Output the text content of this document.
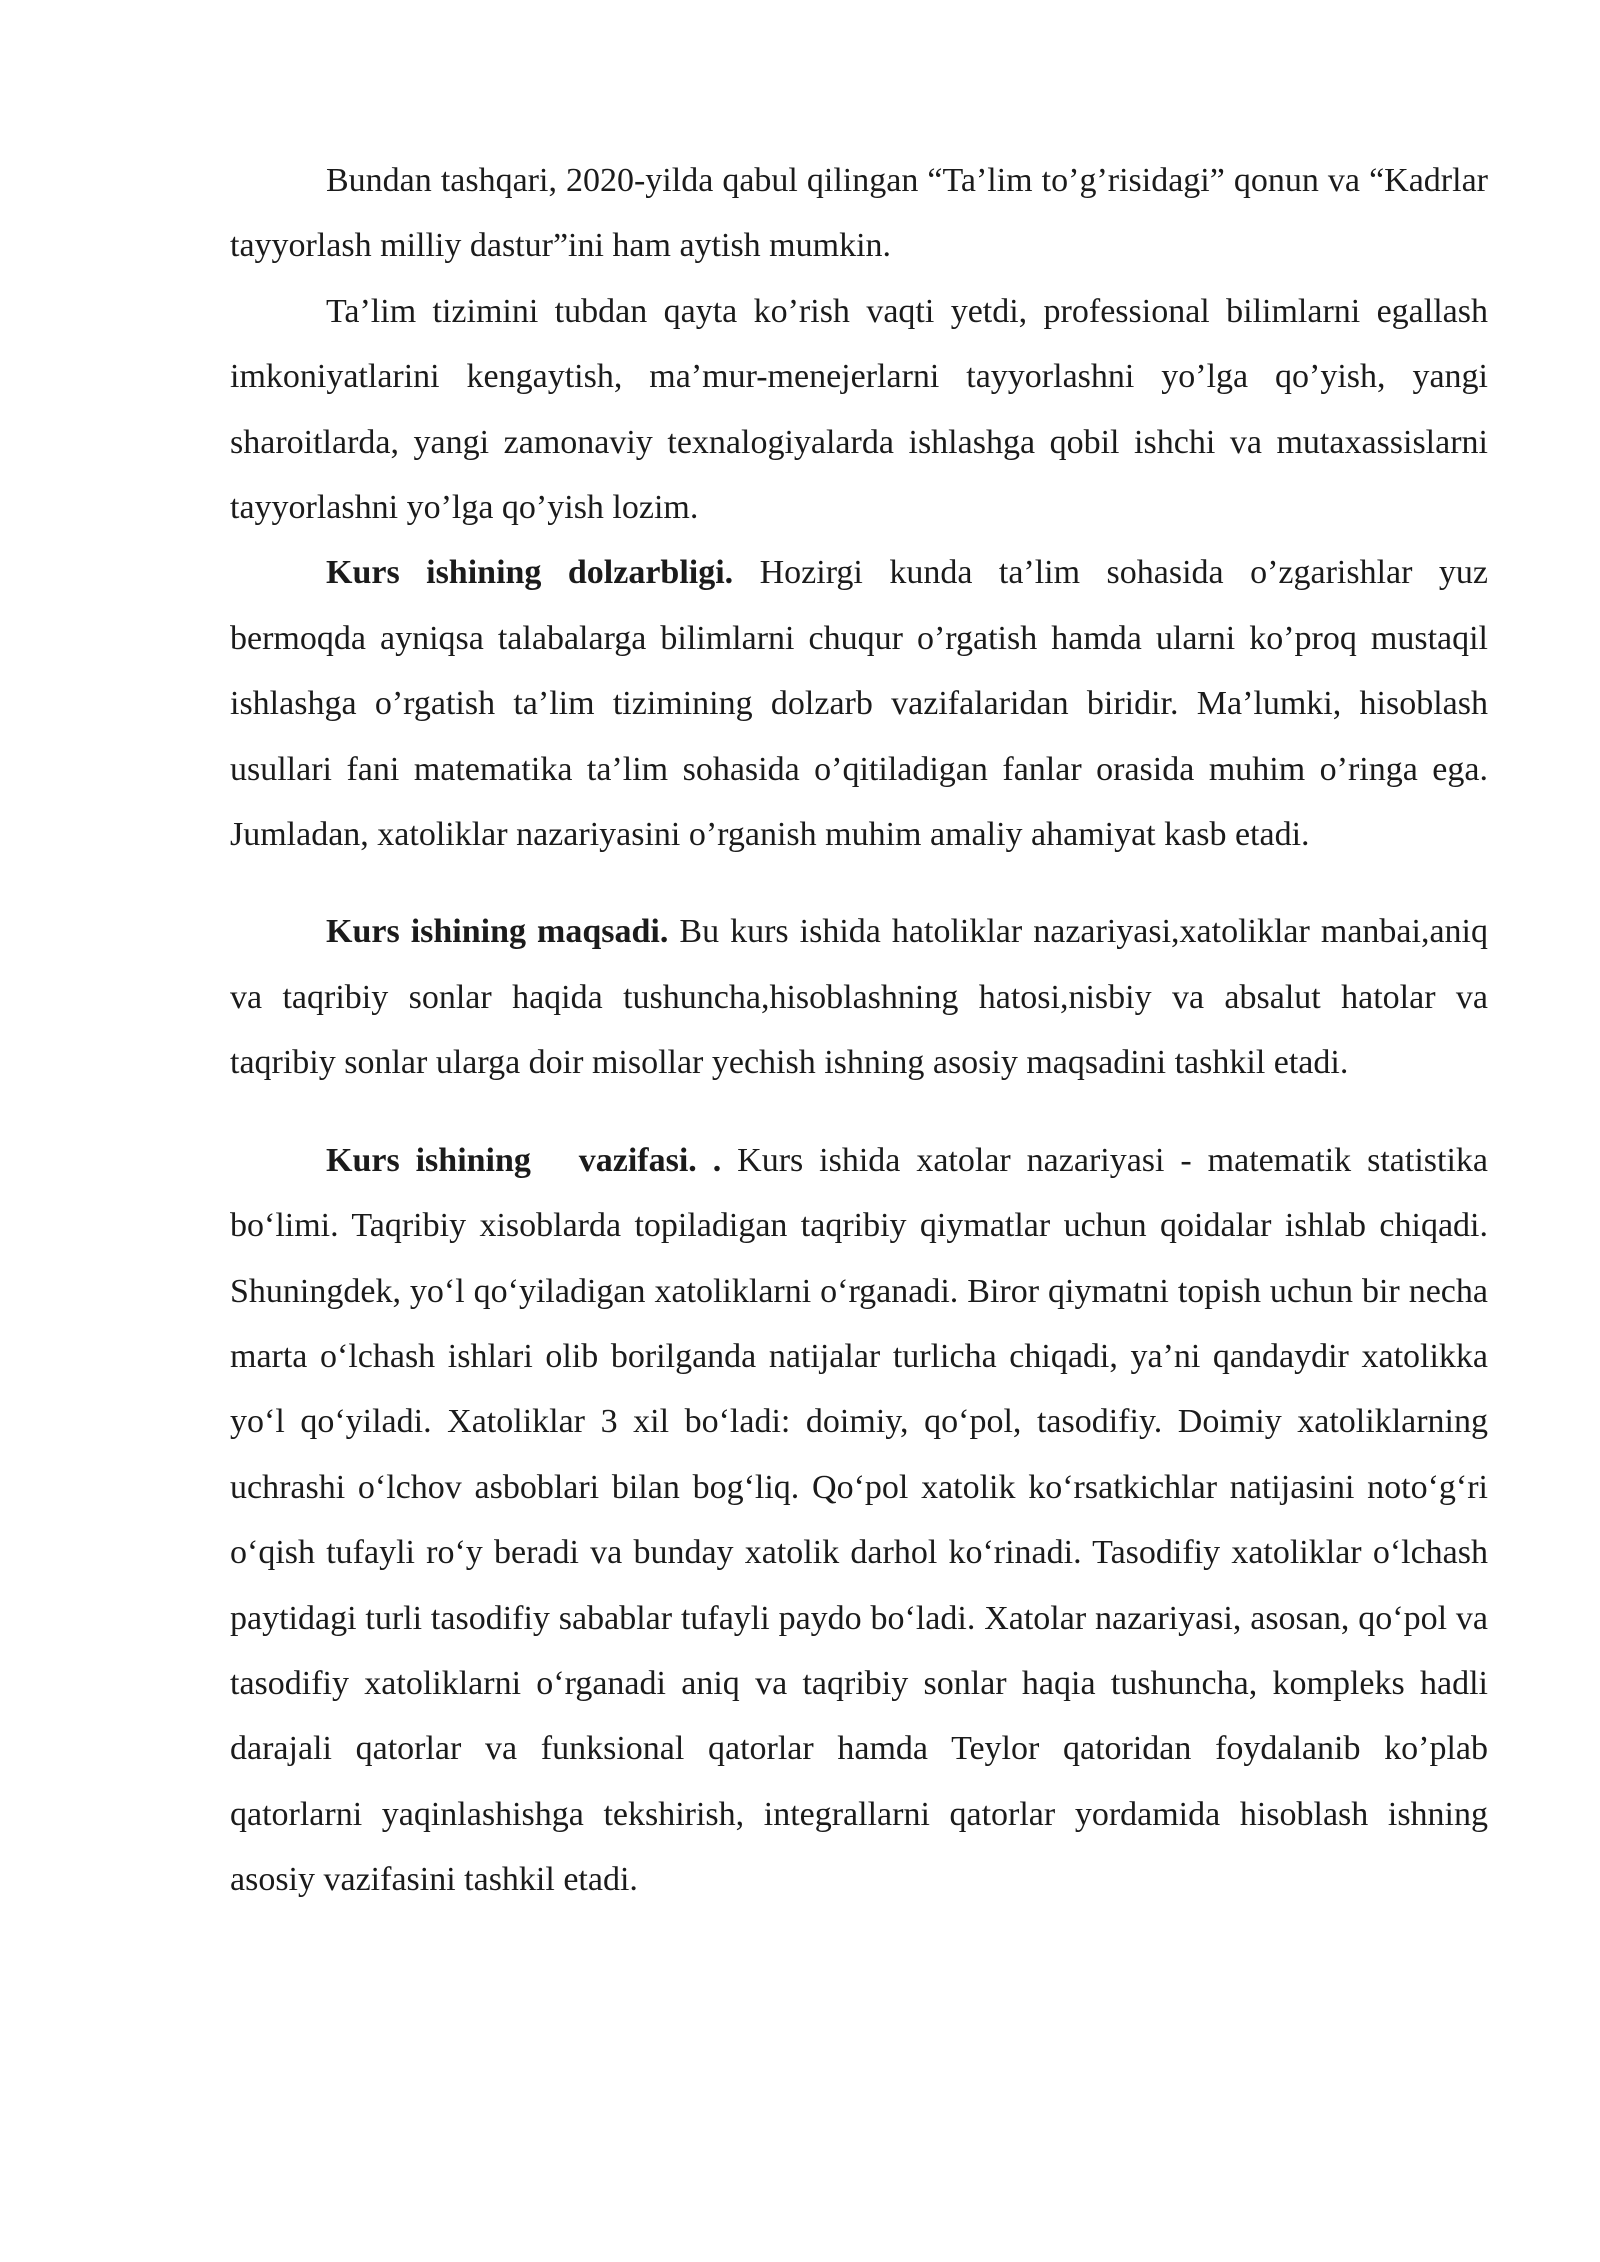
Bundan tashqari, 2020-yilda qabul qilingan “Ta’lim to’g’risidagi” qonun va “Kadrlar tayyorlash milliy dastur”ini ham aytish mumkin.

Ta’lim tizimini tubdan qayta ko’rish vaqti yetdi, professional bilimlarni egallash imkoniyatlarini kengaytish, ma’mur-menejerlarni tayyorlashni yo’lga qo’yish, yangi sharoitlarda, yangi zamonaviy texnalogiyalarda ishlashga qobil ishchi va mutaxassislarni tayyorlashni yo’lga qo’yish lozim.

Kurs ishining dolzarbligi. Hozirgi kunda ta’lim sohasida o’zgarishlar yuz bermoqda ayniqsa talabalarga bilimlarni chuqur o’rgatish hamda ularni ko’proq mustaqil ishlashga o’rgatish ta’lim tizimining dolzarb vazifalaridan biridir. Ma’lumki, hisoblash usullari fani matematika ta’lim sohasida o’qitiladigan fanlar orasida muhim o’ringa ega. Jumladan, xatoliklar nazariyasini o’rganish muhim amaliy ahamiyat kasb etadi.

Kurs ishining maqsadi. Bu kurs ishida hatoliklar nazariyasi,xatoliklar manbai,aniq va taqribiy sonlar haqida tushuncha,hisoblashning hatosi,nisbiy va absalut hatolar va taqribiy sonlar ularga doir misollar yechish ishning asosiy maqsadini tashkil etadi.

Kurs ishining   vazifasi. . Kurs ishida xatolar nazariyasi - matematik statistika bo‘limi. Taqribiy xisoblarda topiladigan taqribiy qiymatlar uchun qoidalar ishlab chiqadi. Shuningdek, yo‘l qo‘yiladigan xatoliklarni o‘rganadi. Biror qiymatni topish uchun bir necha marta o‘lchash ishlari olib borilganda natijalar turlicha chiqadi, ya’ni qandaydir xatolikka yo‘l qo‘yiladi. Xatoliklar 3 xil bo‘ladi: doimiy, qo‘pol, tasodifiy. Doimiy xatoliklarning uchrashi o‘lchov asboblari bilan bog‘liq. Qo‘pol xatolik ko‘rsatkichlar natijasini noto‘g‘ri o‘qish tufayli ro‘y beradi va bunday xatolik darhol ko‘rinadi. Tasodifiy xatoliklar o‘lchash paytidagi turli tasodifiy sabablar tufayli paydo bo‘ladi. Xatolar nazariyasi, asosan, qo‘pol va tasodifiy xatoliklarni o‘rganadi aniq va taqribiy sonlar haqia tushuncha, kompleks hadli darajali qatorlar va funksional qatorlar hamda Teylor qatoridan foydalanib ko’plab qatorlarni yaqinlashishga tekshirish, integrallarni qatorlar yordamida hisoblash ishning asosiy vazifasini tashkil etadi.
